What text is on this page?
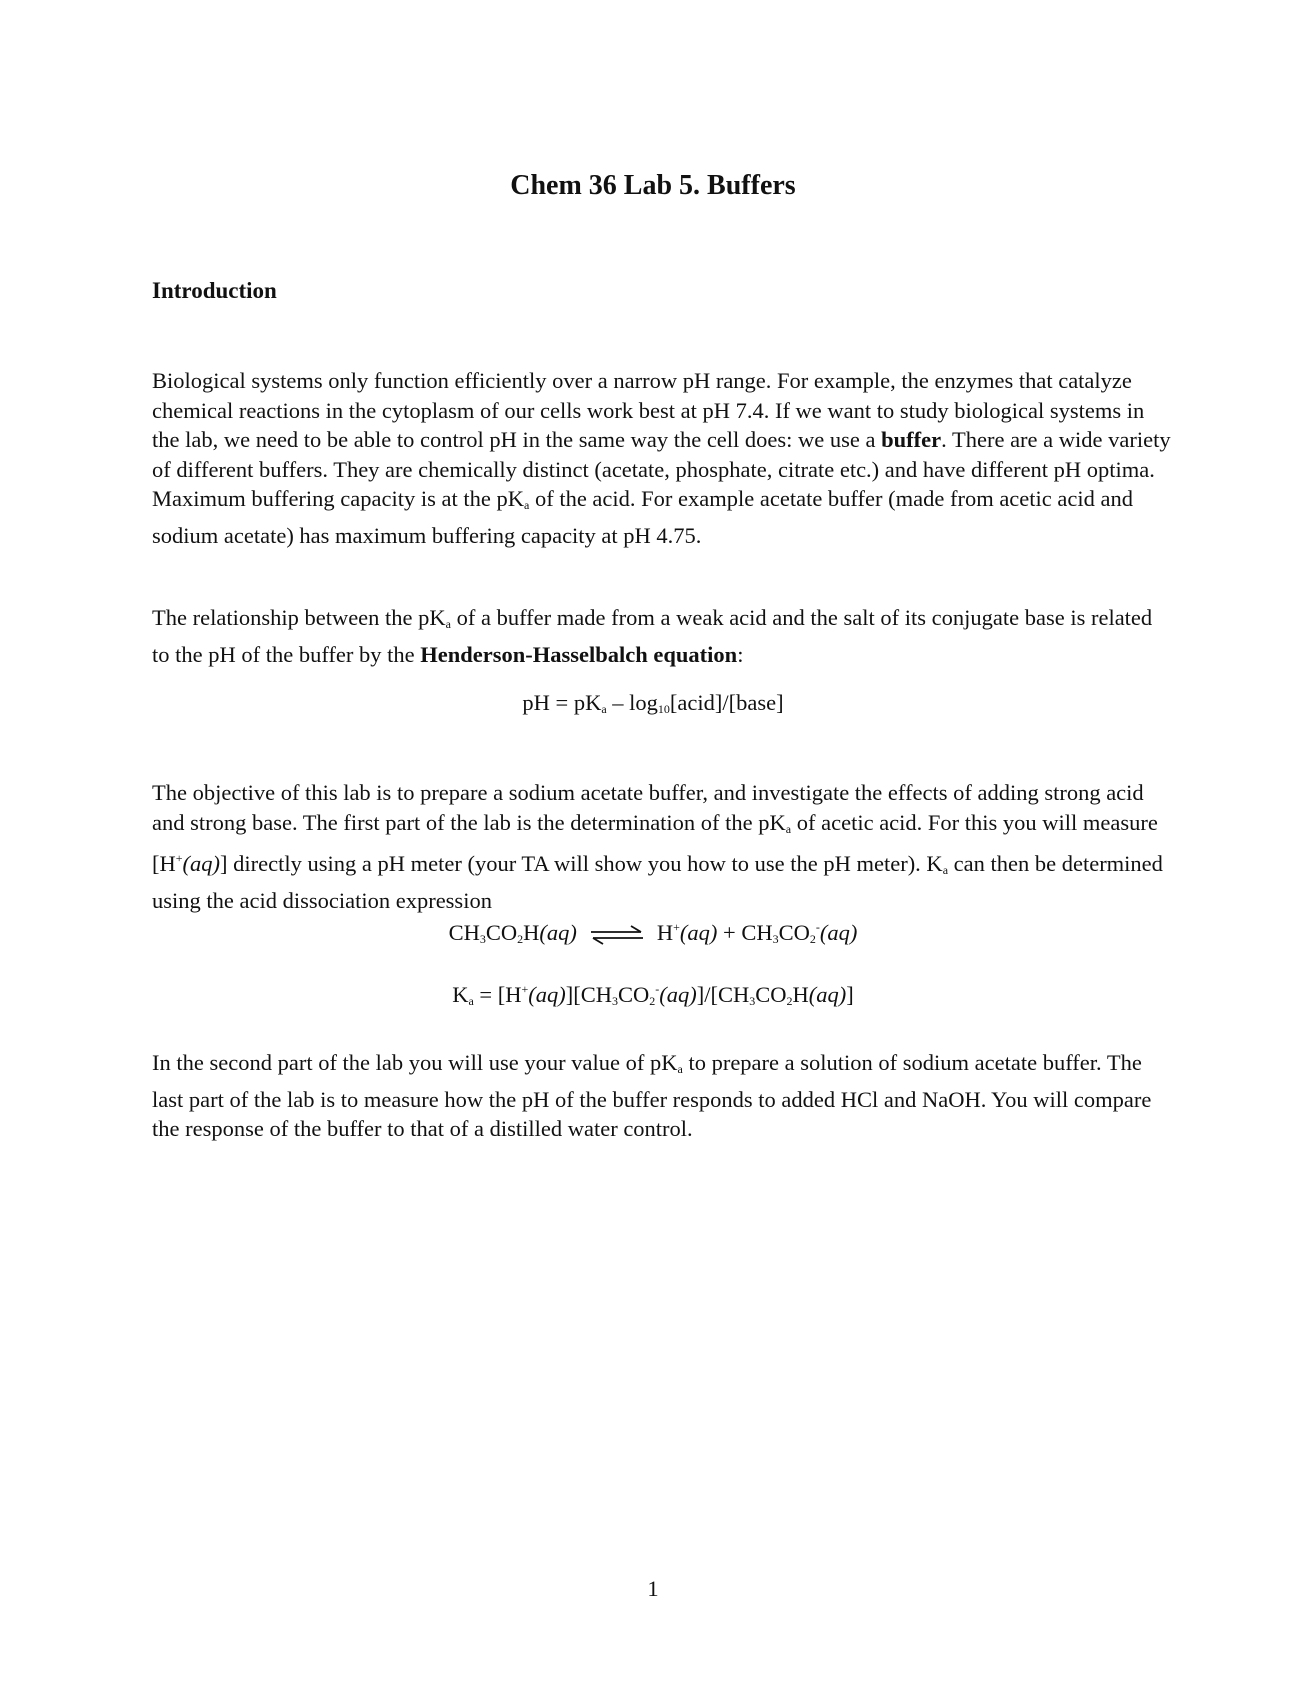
Chem 36 Lab 5. Buffers
Introduction

Biological systems only function efficiently over a narrow pH range. For example, the enzymes that catalyze chemical reactions in the cytoplasm of our cells work best at pH 7.4. If we want to study biological systems in the lab, we need to be able to control pH in the same way the cell does: we use a buffer. There are a wide variety of different buffers. They are chemically distinct (acetate, phosphate, citrate etc.) and have different pH optima. Maximum buffering capacity is at the $pK_a$ of the acid. For example acetate buffer (made from acetic acid and sodium acetate) has maximum buffering capacity at pH 4.75.

The relationship between the $pK_a$ of a buffer made from a weak acid and the salt of its conjugate base is related to the pH of the buffer by the Henderson-Hasselbalch equation:

pH = $pK_a$ – $\log_{10}[acid]/[base]$

The objective of this lab is to prepare a sodium acetate buffer, and investigate the effects of adding strong acid and strong base. The first part of the lab is the determination of the $pK_a$ of acetic acid. For this you will measure [H+(aq)] directly using a pH meter (your TA will show you how to use the pH meter). $K_a$ can then be determined using the acid dissociation expression

$CH_3CO_2H(aq)$ ⇌ $H^+(aq) + CH_3CO_2^-(aq)$
$K_a = [H^+(aq)][CH_3CO_2^-(aq)]/[CH_3CO_2H(aq)]$

In the second part of the lab you will use your value of $pK_a$ to prepare a solution of sodium acetate buffer. The last part of the lab is to measure how the pH of the buffer responds to added HCl and NaOH. You will compare the response of the buffer to that of a distilled water control.

1
